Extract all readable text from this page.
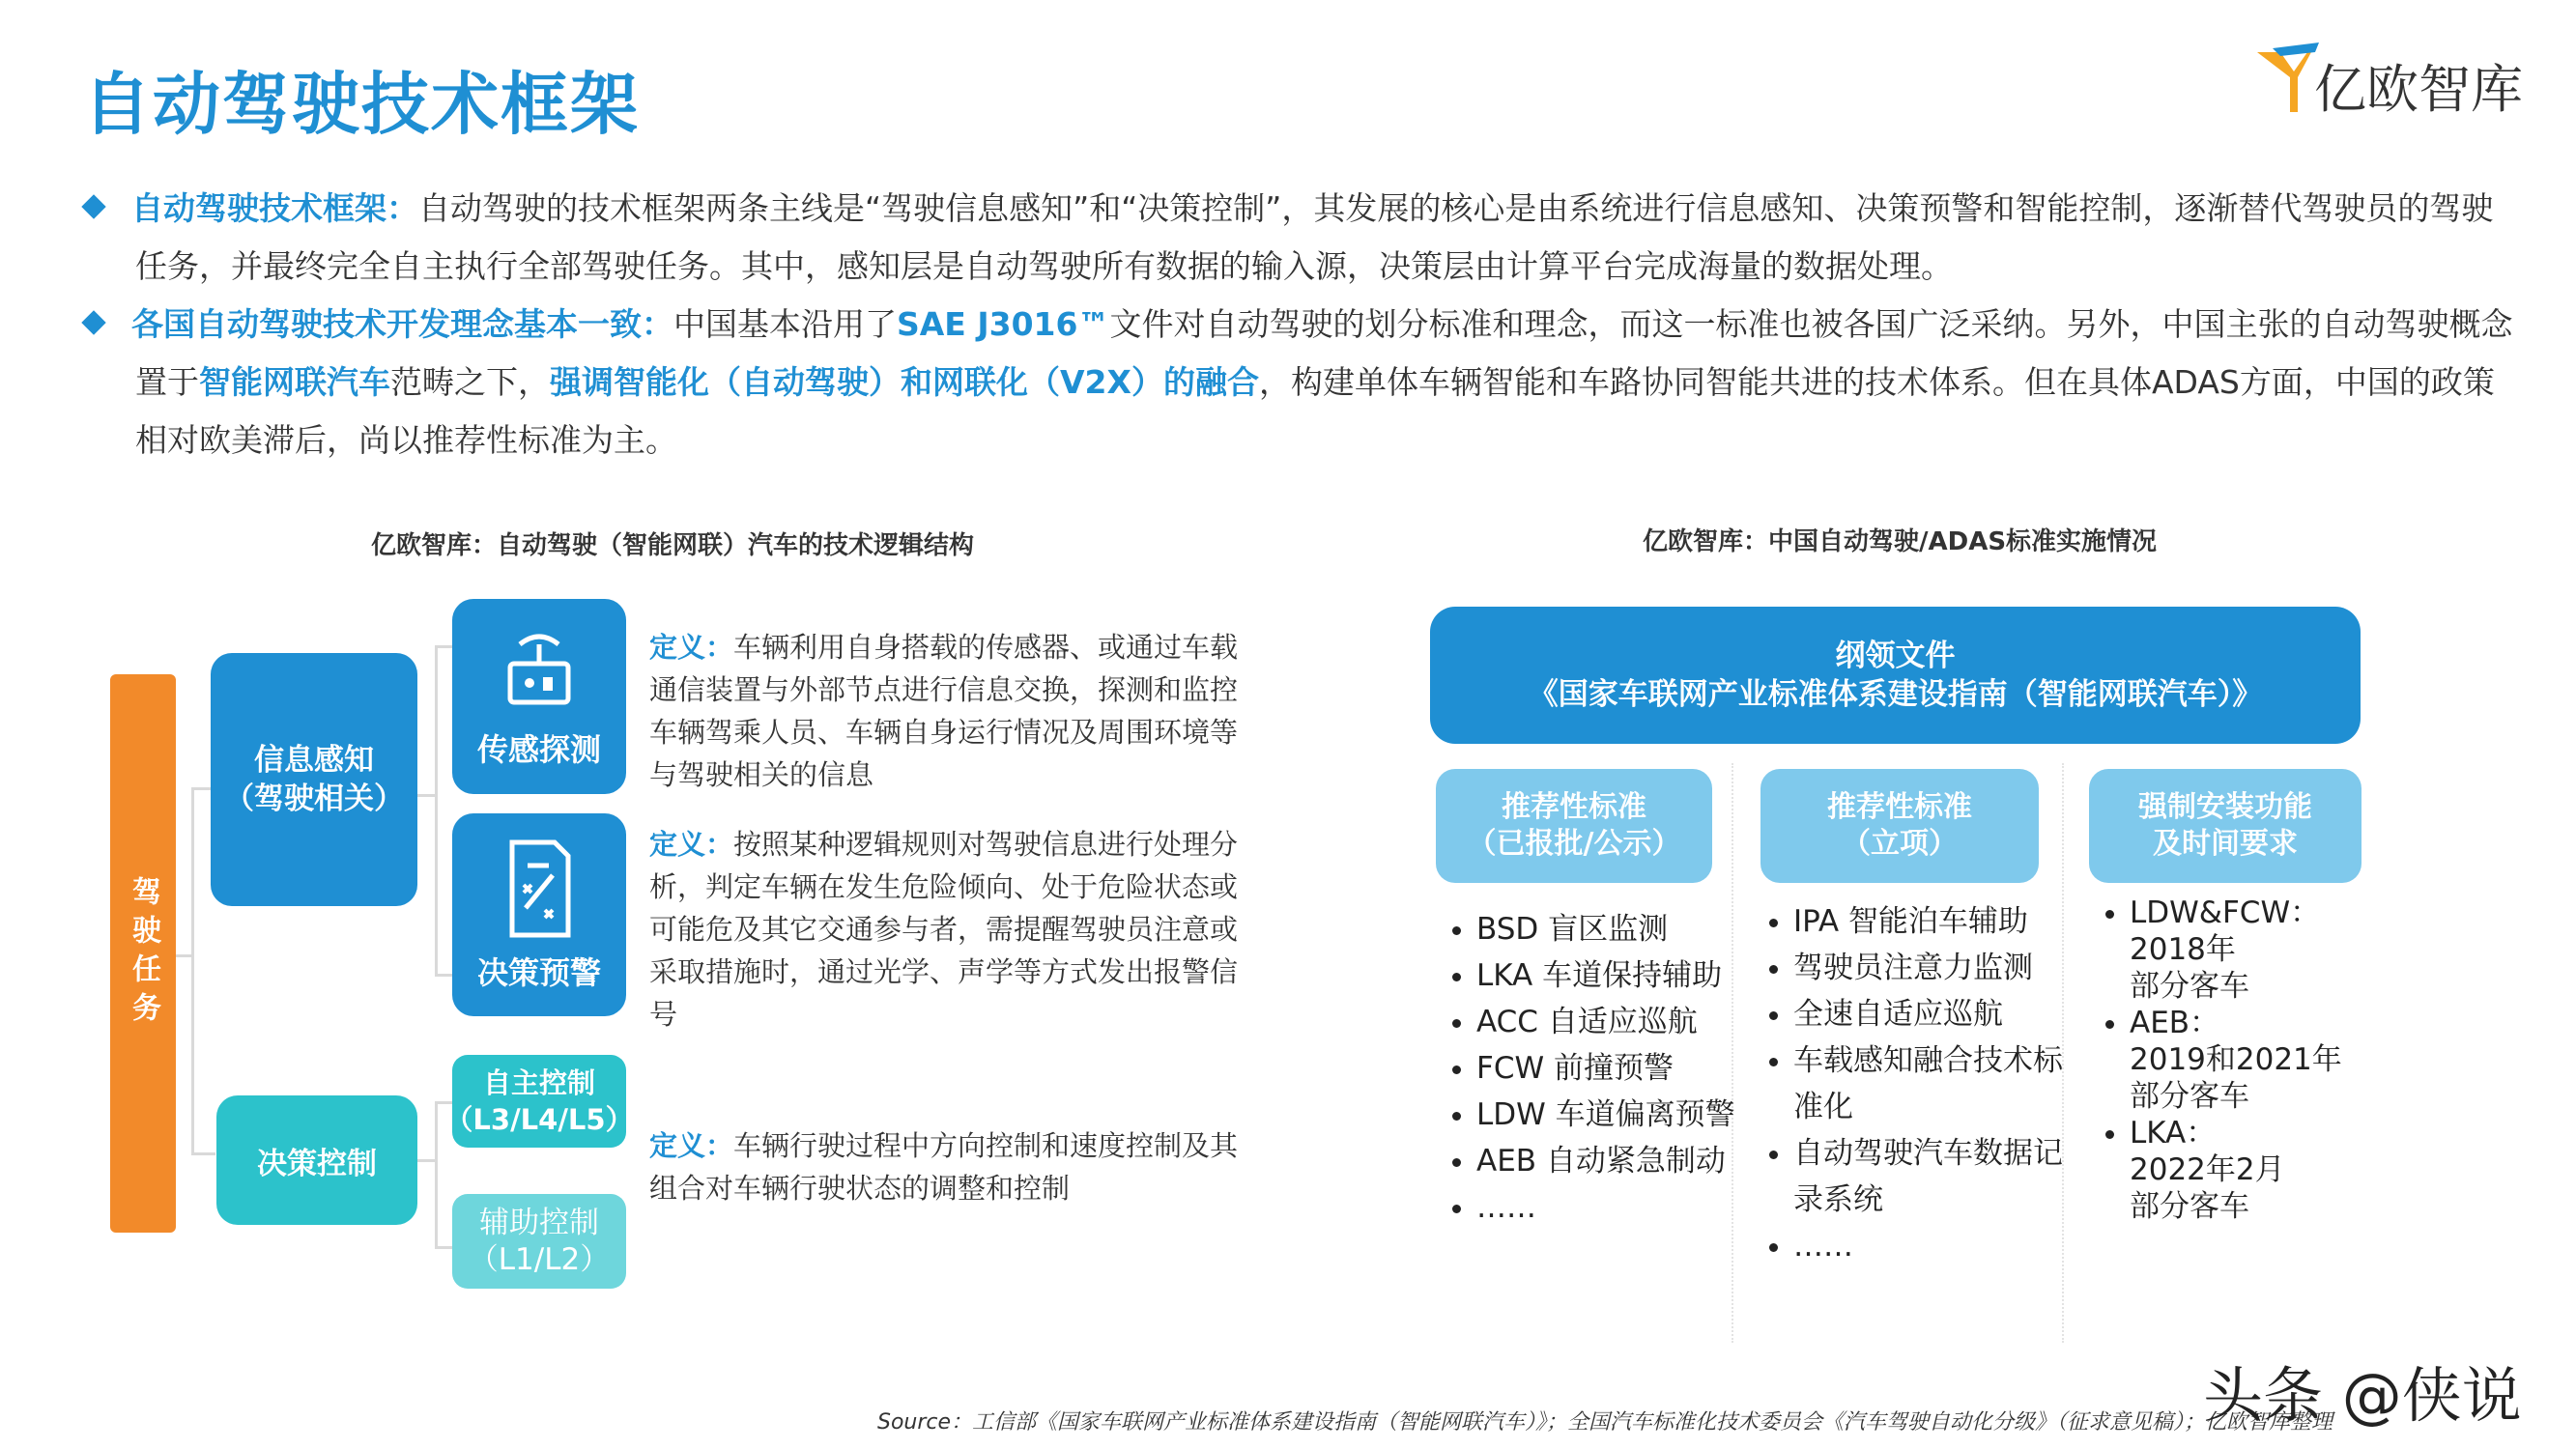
自动驾驶技术框架	亿欧智库

自动驾驶技术框架：自动驾驶的技术框架两条主线是“驾驶信息感知”和“决策控制”，其发展的核心是由系统进行信息感知、决策预警和智能控制，逐渐替代驾驶员的驾驶任务，并最终完全自主执行全部驾驶任务。其中，感知层是自动驾驶所有数据的输入源，决策层由计算平台完成海量的数据处理。

各国自动驾驶技术开发理念基本一致：中国基本沿用了SAE J3016™文件对自动驾驶的划分标准和理念，而这一标准也被各国广泛采纳。另外，中国主张的自动驾驶概念置于智能网联汽车范畴之下，强调智能化（自动驾驶）和网联化（V2X）的融合，构建单体车辆智能和车路协同智能共进的技术体系。但在具体ADAS方面，中国的政策相对欧美滞后，尚以推荐性标准为主。

亿欧智库：自动驾驶（智能网联）汽车的技术逻辑结构
驾驶任务
信息感知
（驾驶相关）
决策控制
传感探测
决策预警
自主控制
（L3/L4/L5）
辅助控制
（L1/L2）
定义：车辆利用自身搭载的传感器、或通过车载通信装置与外部节点进行信息交换，探测和监控车辆驾乘人员、车辆自身运行情况及周围环境等与驾驶相关的信息
定义：按照某种逻辑规则对驾驶信息进行处理分析，判定车辆在发生危险倾向、处于危险状态或可能危及其它交通参与者，需提醒驾驶员注意或采取措施时，通过光学、声学等方式发出报警信号
定义：车辆行驶过程中方向控制和速度控制及其组合对车辆行驶状态的调整和控制
亿欧智库：中国自动驾驶/ADAS标准实施情况
纲领文件
《国家车联网产业标准体系建设指南（智能网联汽车）》
推荐性标准
（已报批/公示）
推荐性标准
（立项）
强制安装功能
及时间要求
• BSD 盲区监测
• LKA 车道保持辅助
• ACC 自适应巡航
• FCW 前撞预警
• LDW 车道偏离预警
• AEB 自动紧急制动
• ……
• IPA 智能泊车辅助
• 驾驶员注意力监测
• 全速自适应巡航
• 车载感知融合技术标准化
• 自动驾驶汽车数据记录系统
• ……
• LDW&FCW：
2018年
部分客车
• AEB：
2019和2021年
部分客车
• LKA：
2022年2月
部分客车
Source：工信部《国家车联网产业标准体系建设指南（智能网联汽车）》；全国汽车标准化技术委员会《汽车驾驶自动化分级》（征求意见稿）；亿欧智库整理
头条 @侠说
